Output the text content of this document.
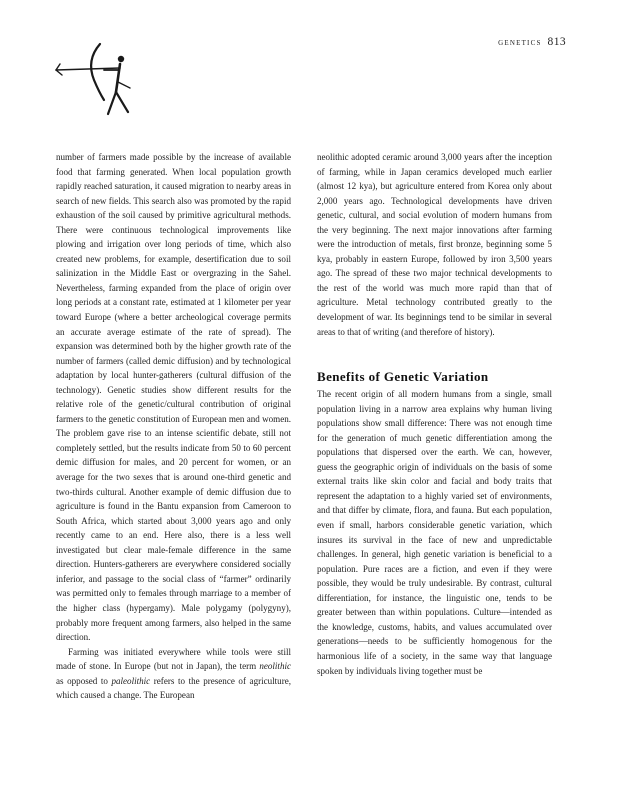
genetics 813

number of farmers made possible by the increase of available food that farming generated. When local population growth rapidly reached saturation, it caused migration to nearby areas in search of new fields. This search also was promoted by the rapid exhaustion of the soil caused by primitive agricultural methods. There were continuous technological improvements like plowing and irrigation over long periods of time, which also created new problems, for example, desertification due to soil salinization in the Middle East or overgrazing in the Sahel. Nevertheless, farming expanded from the place of origin over long periods at a constant rate, estimated at 1 kilometer per year toward Europe (where a better archeological coverage permits an accurate average estimate of the rate of spread). The expansion was determined both by the higher growth rate of the number of farmers (called demic diffusion) and by technological adaptation by local hunter-gatherers (cultural diffusion of the technology). Genetic studies show different results for the relative role of the genetic/cultural contribution of original farmers to the genetic constitution of European men and women. The problem gave rise to an intense scientific debate, still not completely settled, but the results indicate from 50 to 60 percent demic diffusion for males, and 20 percent for women, or an average for the two sexes that is around one-third genetic and two-thirds cultural. Another example of demic diffusion due to agriculture is found in the Bantu expansion from Cameroon to South Africa, which started about 3,000 years ago and only recently came to an end. Here also, there is a less well investigated but clear male-female difference in the same direction. Hunters-gatherers are everywhere considered socially inferior, and passage to the social class of “farmer” ordinarily was permitted only to females through marriage to a member of the higher class (hypergamy). Male polygamy (polygyny), probably more frequent among farmers, also helped in the same direction.

Farming was initiated everywhere while tools were still made of stone. In Europe (but not in Japan), the term neolithic as opposed to paleolithic refers to the presence of agriculture, which caused a change. The European

neolithic adopted ceramic around 3,000 years after the inception of farming, while in Japan ceramics developed much earlier (almost 12 kya), but agriculture entered from Korea only about 2,000 years ago. Technological developments have driven genetic, cultural, and social evolution of modern humans from the very beginning. The next major innovations after farming were the introduction of metals, first bronze, beginning some 5 kya, probably in eastern Europe, followed by iron 3,500 years ago. The spread of these two major technical developments to the rest of the world was much more rapid than that of agriculture. Metal technology contributed greatly to the development of war. Its beginnings tend to be similar in several areas to that of writing (and therefore of history).

Benefits of Genetic Variation

The recent origin of all modern humans from a single, small population living in a narrow area explains why human living populations show small difference: There was not enough time for the generation of much genetic differentiation among the populations that dispersed over the earth. We can, however, guess the geographic origin of individuals on the basis of some external traits like skin color and facial and body traits that represent the adaptation to a highly varied set of environments, and that differ by climate, flora, and fauna. But each population, even if small, harbors considerable genetic variation, which insures its survival in the face of new and unpredictable challenges. In general, high genetic variation is beneficial to a population. Pure races are a fiction, and even if they were possible, they would be truly undesirable. By contrast, cultural differentiation, for instance, the linguistic one, tends to be greater between than within populations. Culture—intended as the knowledge, customs, habits, and values accumulated over generations—needs to be sufficiently homogenous for the harmonious life of a society, in the same way that language spoken by individuals living together must be
